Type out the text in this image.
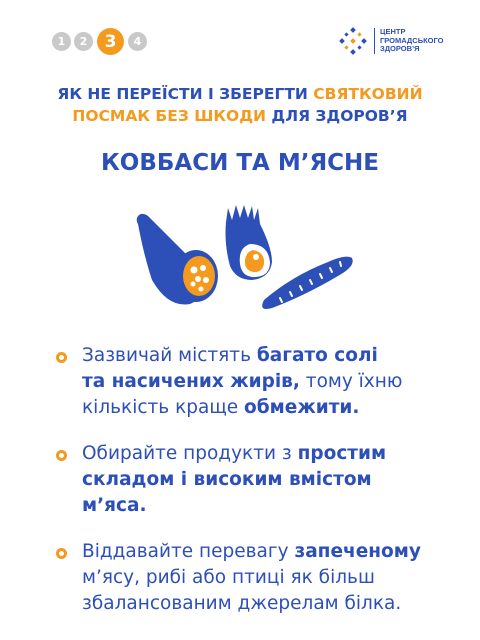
1	2	3	4
ЦЕНТР
ГРОМАДСЬКОГО
ЗДОРОВ’Я
ЯК НЕ ПЕРЕЇСТИ І ЗБЕРЕГТИ СВЯТКОВИЙ
ПОСМАК БЕЗ ШКОДИ ДЛЯ ЗДОРОВ’Я
КОВБАСИ ТА М’ЯСНЕ
Зазвичай містять багато солі
та насичених жирів, тому їхню кількість краще обмежити.
Обирайте продукти з простим складом і високим вмістом м’яса.
Віддавайте перевагу запеченому м’ясу, рибі або птиці як більш збалансованим джерелам білка.
